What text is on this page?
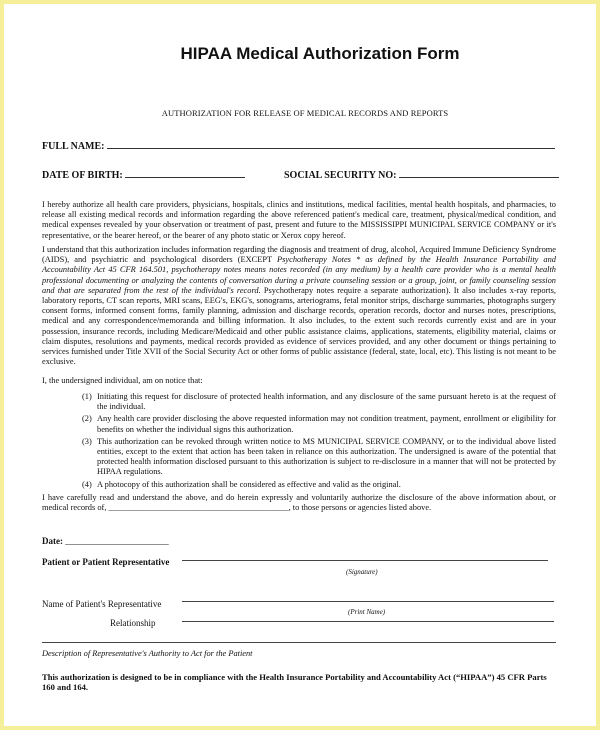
HIPAA Medical Authorization Form
AUTHORIZATION FOR RELEASE OF MEDICAL RECORDS AND REPORTS
FULL NAME:
DATE OF BIRTH:	SOCIAL SECURITY NO:
I hereby authorize all health care providers, physicians, hospitals, clinics and institutions, medical facilities, mental health hospitals, and pharmacies, to release all existing medical records and information regarding the above referenced patient's medical care, treatment, physical/medical condition, and medical expenses revealed by your observation or treatment of past, present and future to the MISSISSIPPI MUNICIPAL SERVICE COMPANY or it's representative, or the bearer hereof, or the bearer of any photo static or Xerox copy hereof.
I understand that this authorization includes information regarding the diagnosis and treatment of drug, alcohol, Acquired Immune Deficiency Syndrome (AIDS), and psychiatric and psychological disorders (EXCEPT Psychotherapy Notes * as defined by the Health Insurance Portability and Accountability Act 45 CFR 164.501, psychotherapy notes means notes recorded (in any medium) by a health care provider who is a mental health professional documenting or analyzing the contents of conversation during a private counseling session or a group, joint, or family counseling session and that are separated from the rest of the individual's record. Psychotherapy notes require a separate authorization). It also includes x-ray reports, laboratory reports, CT scan reports, MRI scans, EEG's, EKG's, sonograms, arteriograms, fetal monitor strips, discharge summaries, photographs surgery consent forms, informed consent forms, family planning, admission and discharge records, operation records, doctor and nurses notes, prescriptions, medical and any correspondence/memoranda and billing information. It also includes, to the extent such records currently exist and are in your possession, insurance records, including Medicare/Medicaid and other public assistance claims, applications, statements, eligibility material, claims or claim disputes, resolutions and payments, medical records provided as evidence of services provided, and any other document or things pertaining to services furnished under Title XVII of the Social Security Act or other forms of public assistance (federal, state, local, etc). This listing is not meant to be exclusive.
I, the undersigned individual, am on notice that:
(1) Initiating this request for disclosure of protected health information, and any disclosure of the same pursuant hereto is at the request of the individual.
(2) Any health care provider disclosing the above requested information may not condition treatment, payment, enrollment or eligibility for benefits on whether the individual signs this authorization.
(3) This authorization can be revoked through written notice to MS MUNICIPAL SERVICE COMPANY, or to the individual above listed entities, except to the extent that action has been taken in reliance on this authorization. The undersigned is aware of the potential that protected health information disclosed pursuant to this authorization is subject to re-disclosure in a manner that will not be protected by HIPAA regulations.
(4) A photocopy of this authorization shall be considered as effective and valid as the original.
I have carefully read and understand the above, and do herein expressly and voluntarily authorize the disclosure of the above information about, or medical records of, ___________________________________________, to those persons or agencies listed above.
Date: _______________________
Patient or Patient Representative
(Signature)
Name of Patient's Representative
(Print Name)
Relationship
Description of Representative's Authority to Act for the Patient
This authorization is designed to be in compliance with the Health Insurance Portability and Accountability Act (“HIPAA”) 45 CFR Parts 160 and 164.
